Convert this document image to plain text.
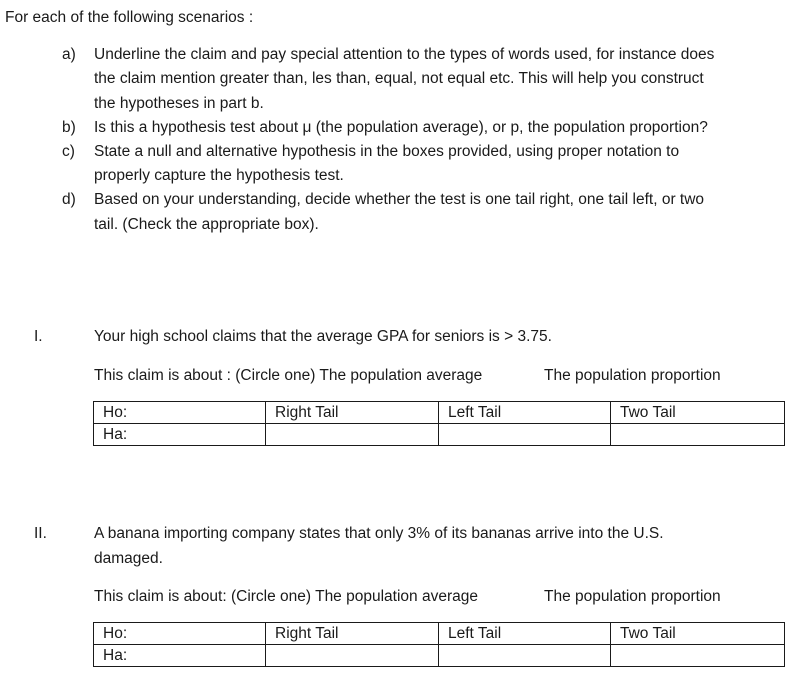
For each of the following scenarios :
a) Underline the claim and pay special attention to the types of words used, for instance does
the claim mention greater than, les than, equal, not equal etc. This will help you construct
the hypotheses in part b.
b) Is this a hypothesis test about μ (the population average), or p, the population proportion?
c) State a null and alternative hypothesis in the boxes provided, using proper notation to
properly capture the hypothesis test.
d) Based on your understanding, decide whether the test is one tail right, one tail left, or two
tail. (Check the appropriate box).
I.	Your high school claims that the average GPA for seniors is > 3.75.
This claim is about : (Circle one) The population average	The population proportion
Ho:	Right Tail	Left Tail	Two Tail
Ha:			
II.	A banana importing company states that only 3% of its bananas arrive into the U.S.
damaged.
This claim is about: (Circle one) The population average	The population proportion
Ho:	Right Tail	Left Tail	Two Tail
Ha:			
